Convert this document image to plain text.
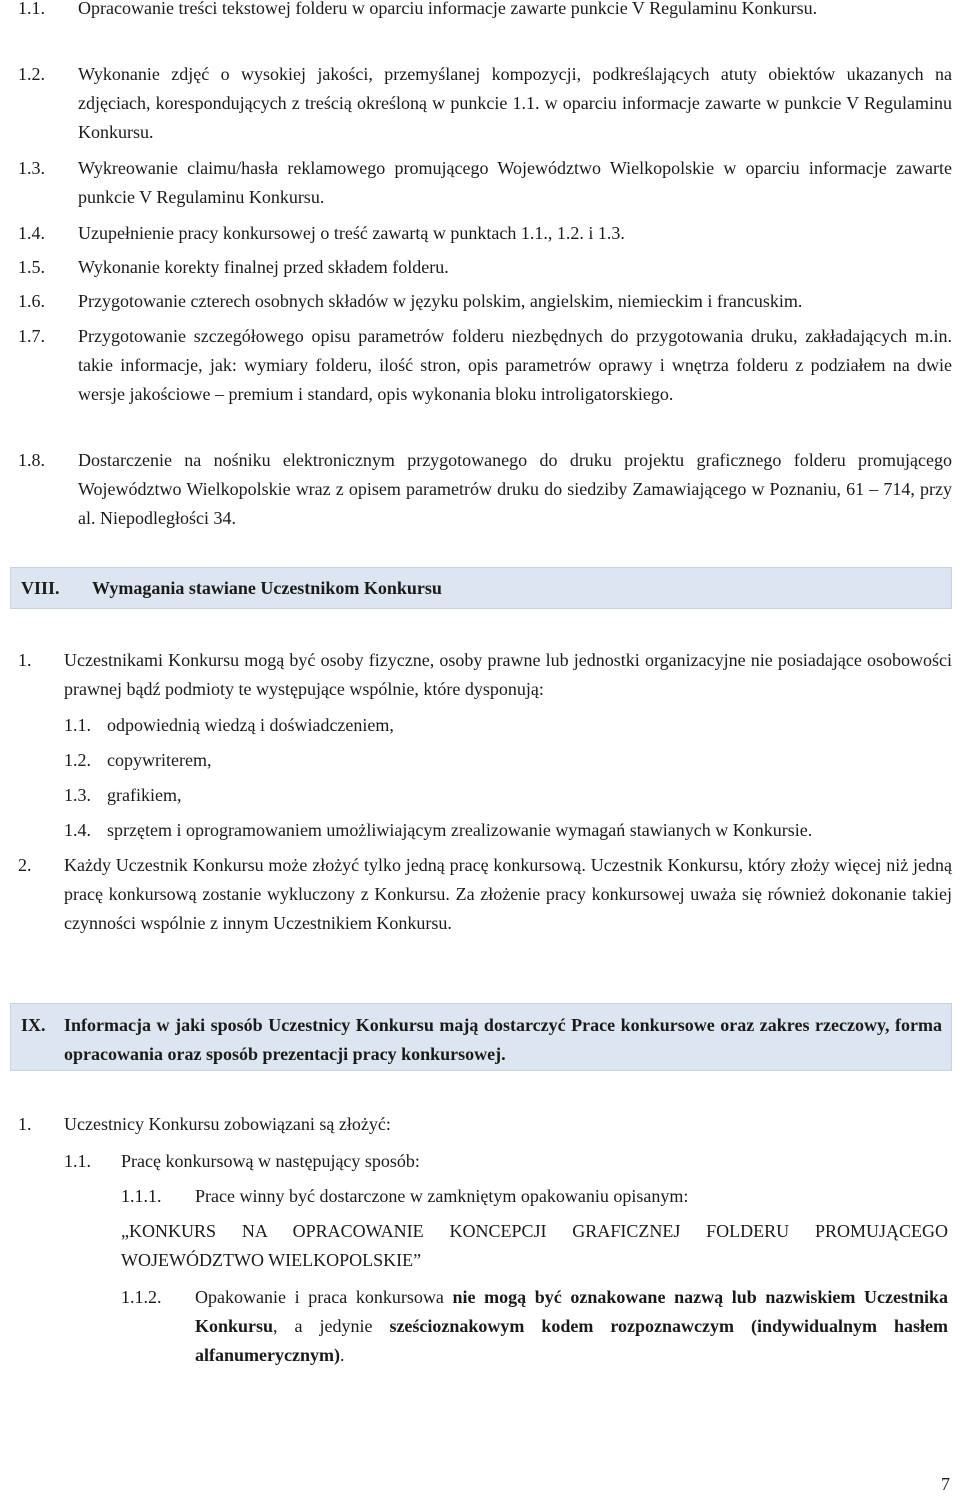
1.1. Opracowanie treści tekstowej folderu w oparciu informacje zawarte punkcie V Regulaminu Konkursu.
1.2. Wykonanie zdjęć o wysokiej jakości, przemyślanej kompozycji, podkreślających atuty obiektów ukazanych na zdjęciach, korespondujących z treścią określoną w punkcie 1.1. w oparciu informacje zawarte w punkcie V Regulaminu Konkursu.
1.3. Wykreowanie claimu/hasła reklamowego promującego Województwo Wielkopolskie w oparciu informacje zawarte punkcie V Regulaminu Konkursu.
1.4. Uzupełnienie pracy konkursowej o treść zawartą w punktach 1.1., 1.2. i 1.3.
1.5. Wykonanie korekty finalnej przed składem folderu.
1.6. Przygotowanie czterech osobnych składów w języku polskim, angielskim, niemieckim i francuskim.
1.7. Przygotowanie szczegółowego opisu parametrów folderu niezbędnych do przygotowania druku, zakładających m.in. takie informacje, jak: wymiary folderu, ilość stron, opis parametrów oprawy i wnętrza folderu z podziałem na dwie wersje jakościowe – premium i standard, opis wykonania bloku introligatorskiego.
1.8. Dostarczenie na nośniku elektronicznym przygotowanego do druku projektu graficznego folderu promującego Województwo Wielkopolskie wraz z opisem parametrów druku do siedziby Zamawiającego w Poznaniu, 61 – 714, przy al. Niepodległości 34.
VIII. Wymagania stawiane Uczestnikom Konkursu
1. Uczestnikami Konkursu mogą być osoby fizyczne, osoby prawne lub jednostki organizacyjne nie posiadające osobowości prawnej bądź podmioty te występujące wspólnie, które dysponują:
1.1. odpowiednią wiedzą i doświadczeniem,
1.2. copywriterem,
1.3. grafikiem,
1.4. sprzętem i oprogramowaniem umożliwiającym zrealizowanie wymagań stawianych w Konkursie.
2. Każdy Uczestnik Konkursu może złożyć tylko jedną pracę konkursową. Uczestnik Konkursu, który złoży więcej niż jedną pracę konkursową zostanie wykluczony z Konkursu. Za złożenie pracy konkursowej uważa się również dokonanie takiej czynności wspólnie z innym Uczestnikiem Konkursu.
IX. Informacja w jaki sposób Uczestnicy Konkursu mają dostarczyć Prace konkursowe oraz zakres rzeczowy, forma opracowania oraz sposób prezentacji pracy konkursowej.
1. Uczestnicy Konkursu zobowiązani są złożyć:
1.1. Pracę konkursową w następujący sposób:
1.1.1. Prace winny być dostarczone w zamkniętym opakowaniu opisanym:
„KONKURS NA OPRACOWANIE KONCEPCJI GRAFICZNEJ FOLDERU PROMUJĄCEGO WOJEWÓDZTWO WIELKOPOLSKIE”
1.1.2. Opakowanie i praca konkursowa nie mogą być oznakowane nazwą lub nazwiskiem Uczestnika Konkursu, a jedynie sześcioznakowym kodem rozpoznawczym (indywidualnym hasłem alfanumerycznym).
7
